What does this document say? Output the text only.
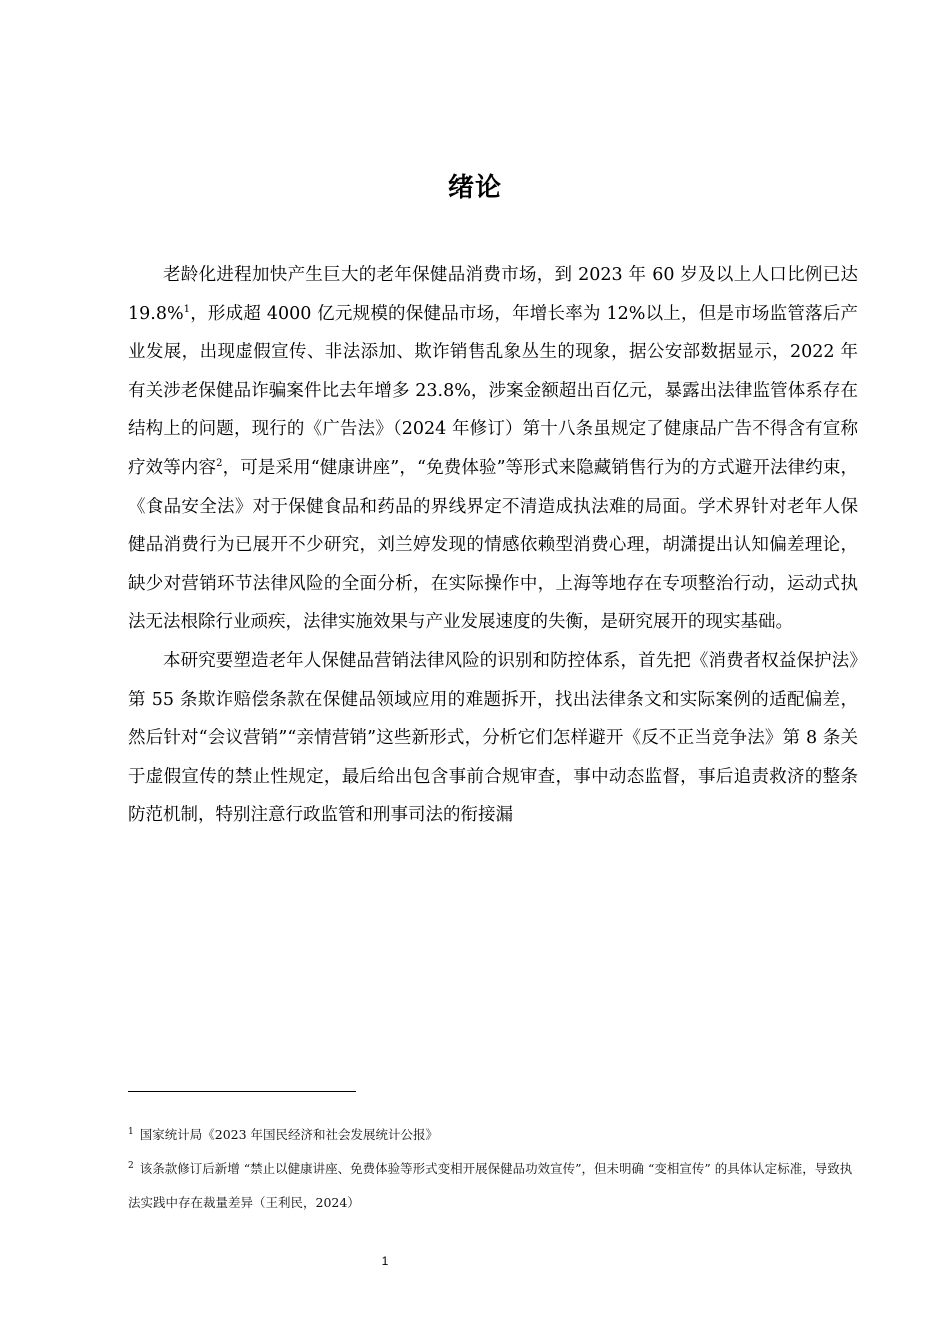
绪论

老龄化进程加快产生巨大的老年保健品消费市场，到 2023 年 60 岁及以上人口比例已达 19.8%$^1$，形成超 4000 亿元规模的保健品市场，年增长率为 12%以上，但是市场监管落后产业发展，出现虚假宣传、非法添加、欺诈销售乱象丛生的现象，据公安部数据显示，2022 年有关涉老保健品诈骗案件比去年增多 23.8%，涉案金额超出百亿元，暴露出法律监管体系存在结构上的问题，现行的《广告法》（2024 年修订）第十八条虽规定了健康品广告不得含有宣称疗效等内容$^2$，可是采用“健康讲座”，“免费体验”等形式来隐藏销售行为的方式避开法律约束，《食品安全法》对于保健食品和药品的界线界定不清造成执法难的局面。学术界针对老年人保健品消费行为已展开不少研究，刘兰婷发现的情感依赖型消费心理，胡潇提出认知偏差理论，缺少对营销环节法律风险的全面分析，在实际操作中，上海等地存在专项整治行动，运动式执法无法根除行业顽疾，法律实施效果与产业发展速度的失衡，是研究展开的现实基础。

本研究要塑造老年人保健品营销法律风险的识别和防控体系，首先把《消费者权益保护法》第 55 条欺诈赔偿条款在保健品领域应用的难题拆开，找出法律条文和实际案例的适配偏差，然后针对“会议营销”“亲情营销”这些新形式，分析它们怎样避开《反不正当竞争法》第 8 条关于虚假宣传的禁止性规定，最后给出包含事前合规审查，事中动态监督，事后追责救济的整条防范机制，特别注意行政监管和刑事司法的衔接漏

$^1$ 国家统计局《2023 年国民经济和社会发展统计公报》

$^2$ 该条款修订后新增 “禁止以健康讲座、免费体验等形式变相开展保健品功效宣传”，但未明确 “变相宣传” 的具体认定标准，导致执法实践中存在裁量差异（王利民，2024）

1
